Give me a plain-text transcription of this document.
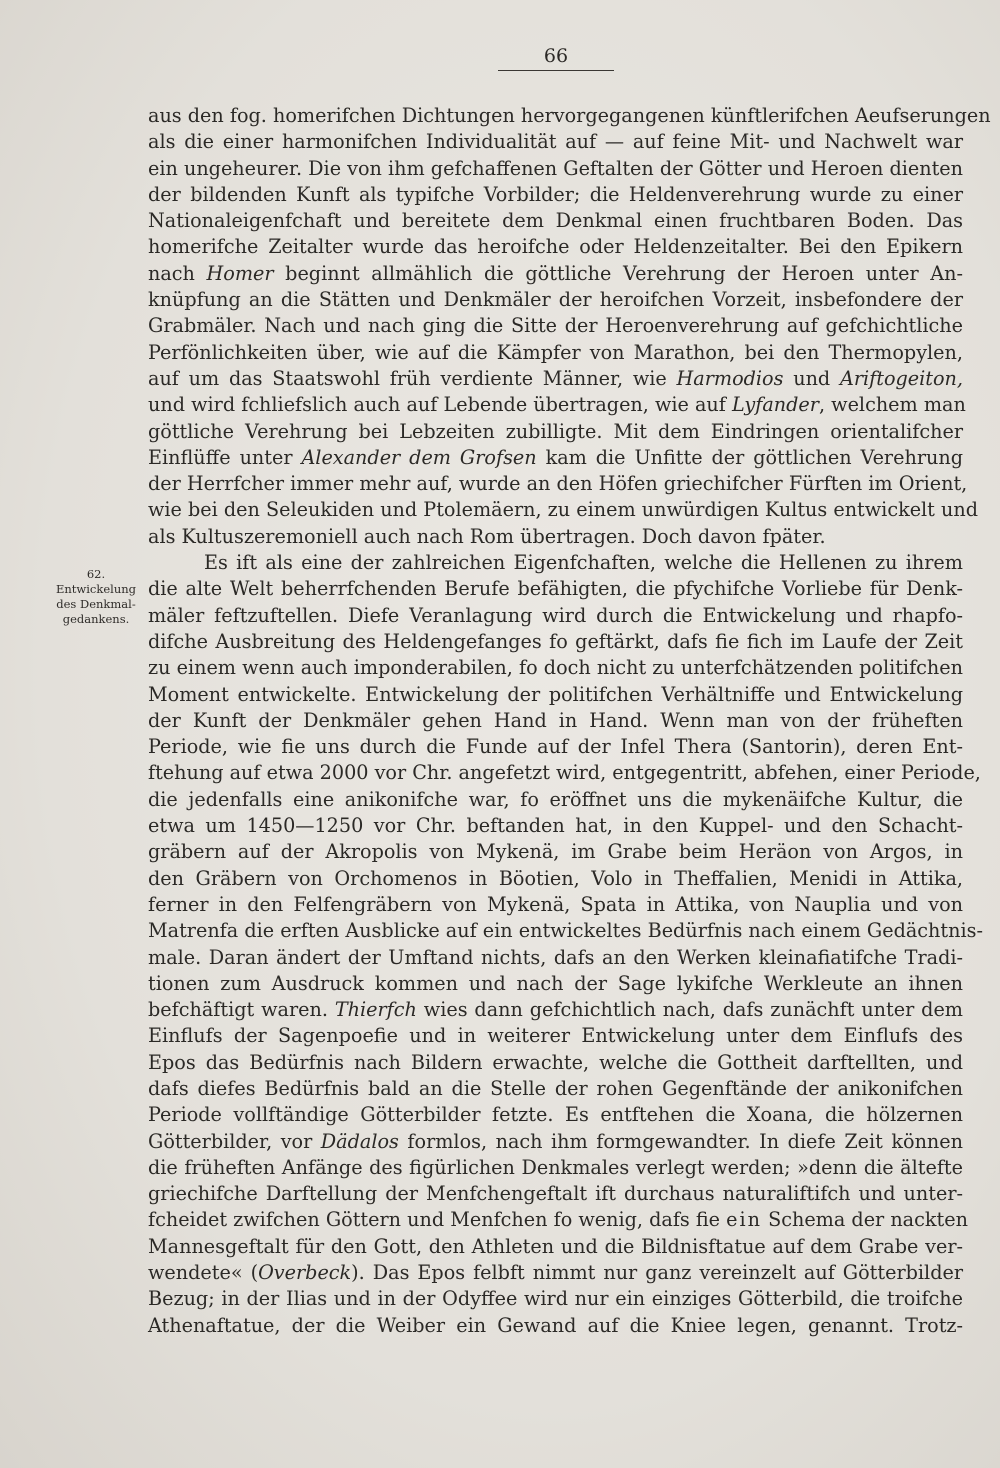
66
62.
Entwickelung
des Denkmal-
gedankens.
aus den fog. homerifchen Dichtungen hervorgegangenen künftlerifchen Aeufserungen
als die einer harmonifchen Individualität auf — auf feine Mit- und Nachwelt war
ein ungeheurer. Die von ihm gefchaffenen Geftalten der Götter und Heroen dienten
der bildenden Kunft als typifche Vorbilder; die Heldenverehrung wurde zu einer
Nationaleigenfchaft und bereitete dem Denkmal einen fruchtbaren Boden. Das
homerifche Zeitalter wurde das heroifche oder Heldenzeitalter. Bei den Epikern
nach Homer beginnt allmählich die göttliche Verehrung der Heroen unter An-
knüpfung an die Stätten und Denkmäler der heroifchen Vorzeit, insbefondere der
Grabmäler. Nach und nach ging die Sitte der Heroenverehrung auf gefchichtliche
Perfönlichkeiten über, wie auf die Kämpfer von Marathon, bei den Thermopylen,
auf um das Staatswohl früh verdiente Männer, wie Harmodios und Ariftogeiton,
und wird fchliefslich auch auf Lebende übertragen, wie auf Lyfander, welchem man
göttliche Verehrung bei Lebzeiten zubilligte. Mit dem Eindringen orientalifcher
Einflüffe unter Alexander dem Grofsen kam die Unfitte der göttlichen Verehrung
der Herrfcher immer mehr auf, wurde an den Höfen griechifcher Fürften im Orient,
wie bei den Seleukiden und Ptolemäern, zu einem unwürdigen Kultus entwickelt und
als Kultuszeremoniell auch nach Rom übertragen. Doch davon fpäter.
Es ift als eine der zahlreichen Eigenfchaften, welche die Hellenen zu ihrem
die alte Welt beherrfchenden Berufe befähigten, die pfychifche Vorliebe für Denk-
mäler feftzuftellen. Diefe Veranlagung wird durch die Entwickelung und rhapfo-
difche Ausbreitung des Heldengefanges fo geftärkt, dafs fie fich im Laufe der Zeit
zu einem wenn auch imponderabilen, fo doch nicht zu unterfchätzenden politifchen
Moment entwickelte. Entwickelung der politifchen Verhältniffe und Entwickelung
der Kunft der Denkmäler gehen Hand in Hand. Wenn man von der früheften
Periode, wie fie uns durch die Funde auf der Infel Thera (Santorin), deren Ent-
ftehung auf etwa 2000 vor Chr. angefetzt wird, entgegentritt, abfehen, einer Periode,
die jedenfalls eine anikonifche war, fo eröffnet uns die mykenäifche Kultur, die
etwa um 1450—1250 vor Chr. beftanden hat, in den Kuppel- und den Schacht-
gräbern auf der Akropolis von Mykenä, im Grabe beim Heräon von Argos, in
den Gräbern von Orchomenos in Böotien, Volo in Theffalien, Menidi in Attika,
ferner in den Felfengräbern von Mykenä, Spata in Attika, von Nauplia und von
Matrenfa die erften Ausblicke auf ein entwickeltes Bedürfnis nach einem Gedächtnis-
male. Daran ändert der Umftand nichts, dafs an den Werken kleinafiatifche Tradi-
tionen zum Ausdruck kommen und nach der Sage lykifche Werkleute an ihnen
befchäftigt waren. Thierfch wies dann gefchichtlich nach, dafs zunächft unter dem
Einflufs der Sagenpoefie und in weiterer Entwickelung unter dem Einflufs des
Epos das Bedürfnis nach Bildern erwachte, welche die Gottheit darftellten, und
dafs diefes Bedürfnis bald an die Stelle der rohen Gegenftände der anikonifchen
Periode vollftändige Götterbilder fetzte. Es entftehen die Xoana, die hölzernen
Götterbilder, vor Dädalos formlos, nach ihm formgewandter. In diefe Zeit können
die früheften Anfänge des figürlichen Denkmales verlegt werden; »denn die ältefte
griechifche Darftellung der Menfchengeftalt ift durchaus naturaliftifch und unter-
fcheidet zwifchen Göttern und Menfchen fo wenig, dafs fie ein Schema der nackten
Mannesgeftalt für den Gott, den Athleten und die Bildnisftatue auf dem Grabe ver-
wendete« (Overbeck). Das Epos felbft nimmt nur ganz vereinzelt auf Götterbilder
Bezug; in der Ilias und in der Odyffee wird nur ein einziges Götterbild, die troifche
Athenaftatue, der die Weiber ein Gewand auf die Kniee legen, genannt. Trotz-
